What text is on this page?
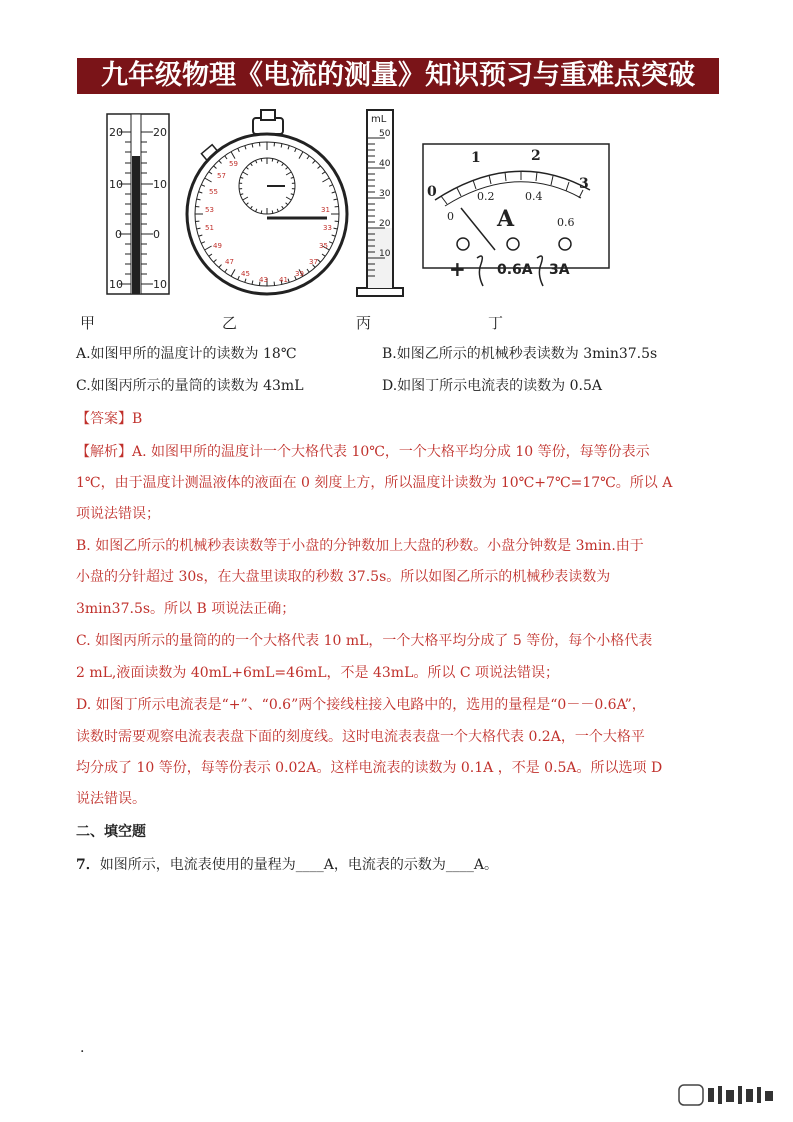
九年级物理《电流的测量》知识预习与重难点突破
20
10
0
10
20
10
0
10
31
33
35
37
39
41
43
45
47
49
51
53
55
57
59
mL
50
40
30
20
10
0
1	2
3
0
0.2	0.4
0.6
A
+ 0.6A 3A
甲	乙	丙	丁
A.如图甲所的温度计的读数为 18℃	B.如图乙所示的机械秒表读数为 3min37.5s
C.如图丙所示的量筒的读数为 43mL	D.如图丁所示电流表的读数为 0.5A
【答案】B
【解析】A. 如图甲所的温度计一个大格代表 10℃，一个大格平均分成 10 等份，每等份表示
1℃，由于温度计测温液体的液面在 0 刻度上方，所以温度计读数为 10℃+7℃=17℃。所以 A
项说法错误；
B. 如图乙所示的机械秒表读数等于小盘的分钟数加上大盘的秒数。小盘分钟数是 3min.由于
小盘的分针超过 30s，在大盘里读取的秒数 37.5s。所以如图乙所示的机械秒表读数为
3min37.5s。所以 B 项说法正确；
C. 如图丙所示的量筒的的一个大格代表 10 mL，一个大格平均分成了 5 等份，每个小格代表
2 mL,液面读数为 40mL+6mL=46mL，不是 43mL。所以 C 项说法错误；
D. 如图丁所示电流表是“+”、“0.6”两个接线柱接入电路中的，选用的量程是“0－－0.6A”，
读数时需要观察电流表表盘下面的刻度线。这时电流表表盘一个大格代表 0.2A，一个大格平
均分成了 10 等份，每等份表示 0.02A。这样电流表的读数为 0.1A ，不是 0.5A。所以选项 D
说法错误。
二、填空题
7．如图所示，电流表使用的量程为____A，电流表的示数为____A。
.
